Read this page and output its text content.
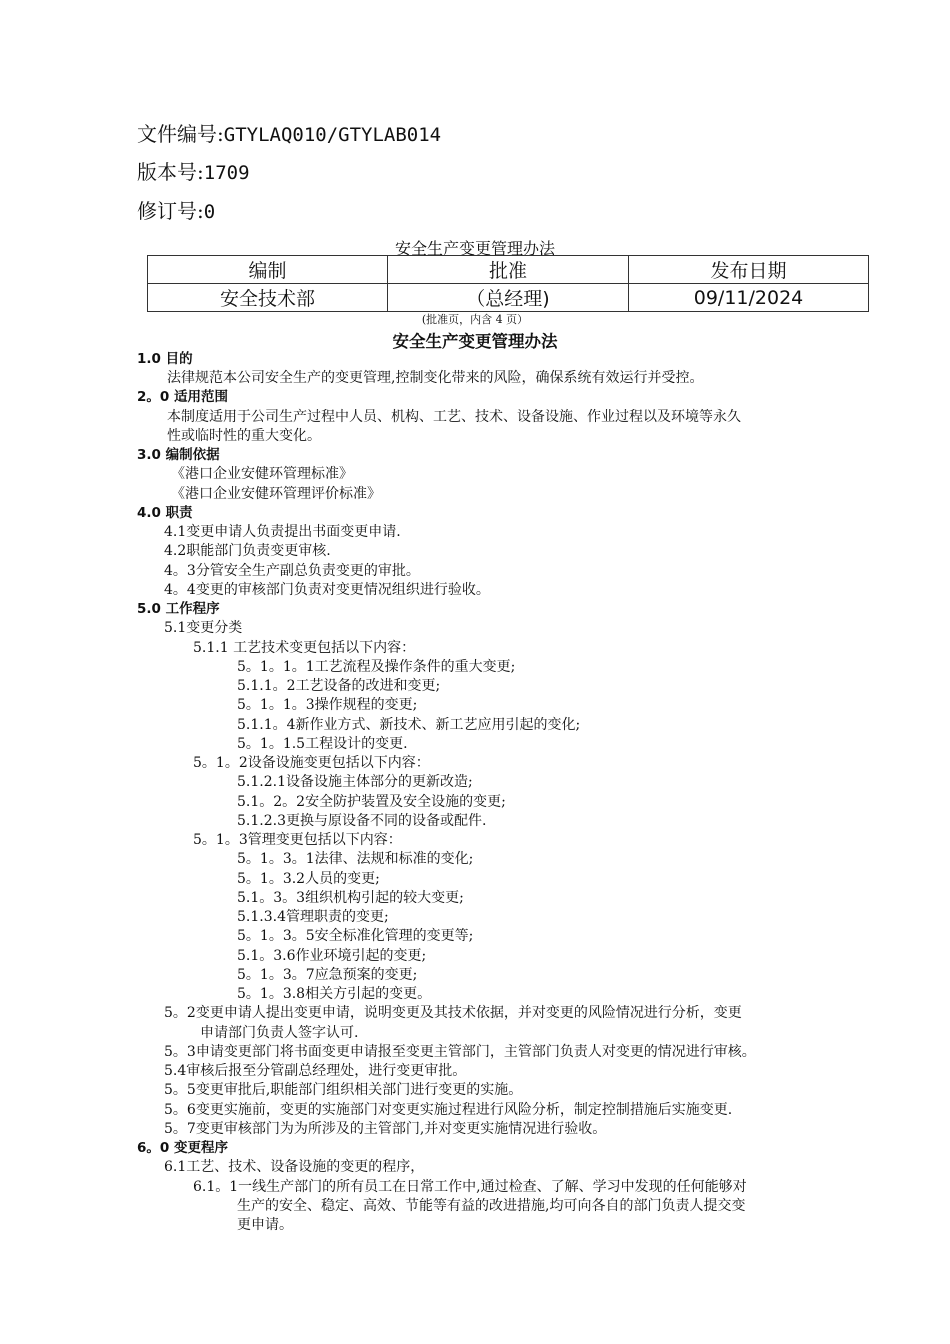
文件编号:GTYLAQ010/GTYLAB014
版本号:1709
修订号:0
安全生产变更管理办法
编制	批准	发布日期
安全技术部	（总经理)	09/11/2024
(批准页，内含 4 页）
安全生产变更管理办法
1.0 目的
法律规范本公司安全生产的变更管理,控制变化带来的风险，确保系统有效运行并受控。
2。0 适用范围
本制度适用于公司生产过程中人员、机构、工艺、技术、设备设施、作业过程以及环境等永久
性或临时性的重大变化。
3.0 编制依据
《港口企业安健环管理标准》
《港口企业安健环管理评价标准》
4.0 职责
4.1变更申请人负责提出书面变更申请.
4.2职能部门负责变更审核.
4。3分管安全生产副总负责变更的审批。
4。4变更的审核部门负责对变更情况组织进行验收。
5.0 工作程序
5.1变更分类
5.1.1 工艺技术变更包括以下内容：
5。1。1。1工艺流程及操作条件的重大变更;
5.1.1。2工艺设备的改进和变更;
5。1。1。3操作规程的变更;
5.1.1。4新作业方式、新技术、新工艺应用引起的变化;
5。1。1.5工程设计的变更.
5。1。2设备设施变更包括以下内容：
5.1.2.1设备设施主体部分的更新改造;
5.1。2。2安全防护装置及安全设施的变更;
5.1.2.3更换与原设备不同的设备或配件.
5。1。3管理变更包括以下内容：
5。1。3。1法律、法规和标准的变化;
5。1。3.2人员的变更;
5.1。3。3组织机构引起的较大变更;
5.1.3.4管理职责的变更;
5。1。3。5安全标准化管理的变更等;
5.1。3.6作业环境引起的变更;
5。1。3。7应急预案的变更;
5。1。3.8相关方引起的变更。
5。2变更申请人提出变更申请，说明变更及其技术依据，并对变更的风险情况进行分析，变更
申请部门负责人签字认可.
5。3申请变更部门将书面变更申请报至变更主管部门，主管部门负责人对变更的情况进行审核。
5.4审核后报至分管副总经理处，进行变更审批。
5。5变更审批后,职能部门组织相关部门进行变更的实施。
5。6变更实施前，变更的实施部门对变更实施过程进行风险分析，制定控制措施后实施变更.
5。7变更审核部门为为所涉及的主管部门,并对变更实施情况进行验收。
6。0 变更程序
6.1工艺、技术、设备设施的变更的程序，
6.1。1一线生产部门的所有员工在日常工作中,通过检查、了解、学习中发现的任何能够对
生产的安全、稳定、高效、节能等有益的改进措施,均可向各自的部门负责人提交变
更申请。
